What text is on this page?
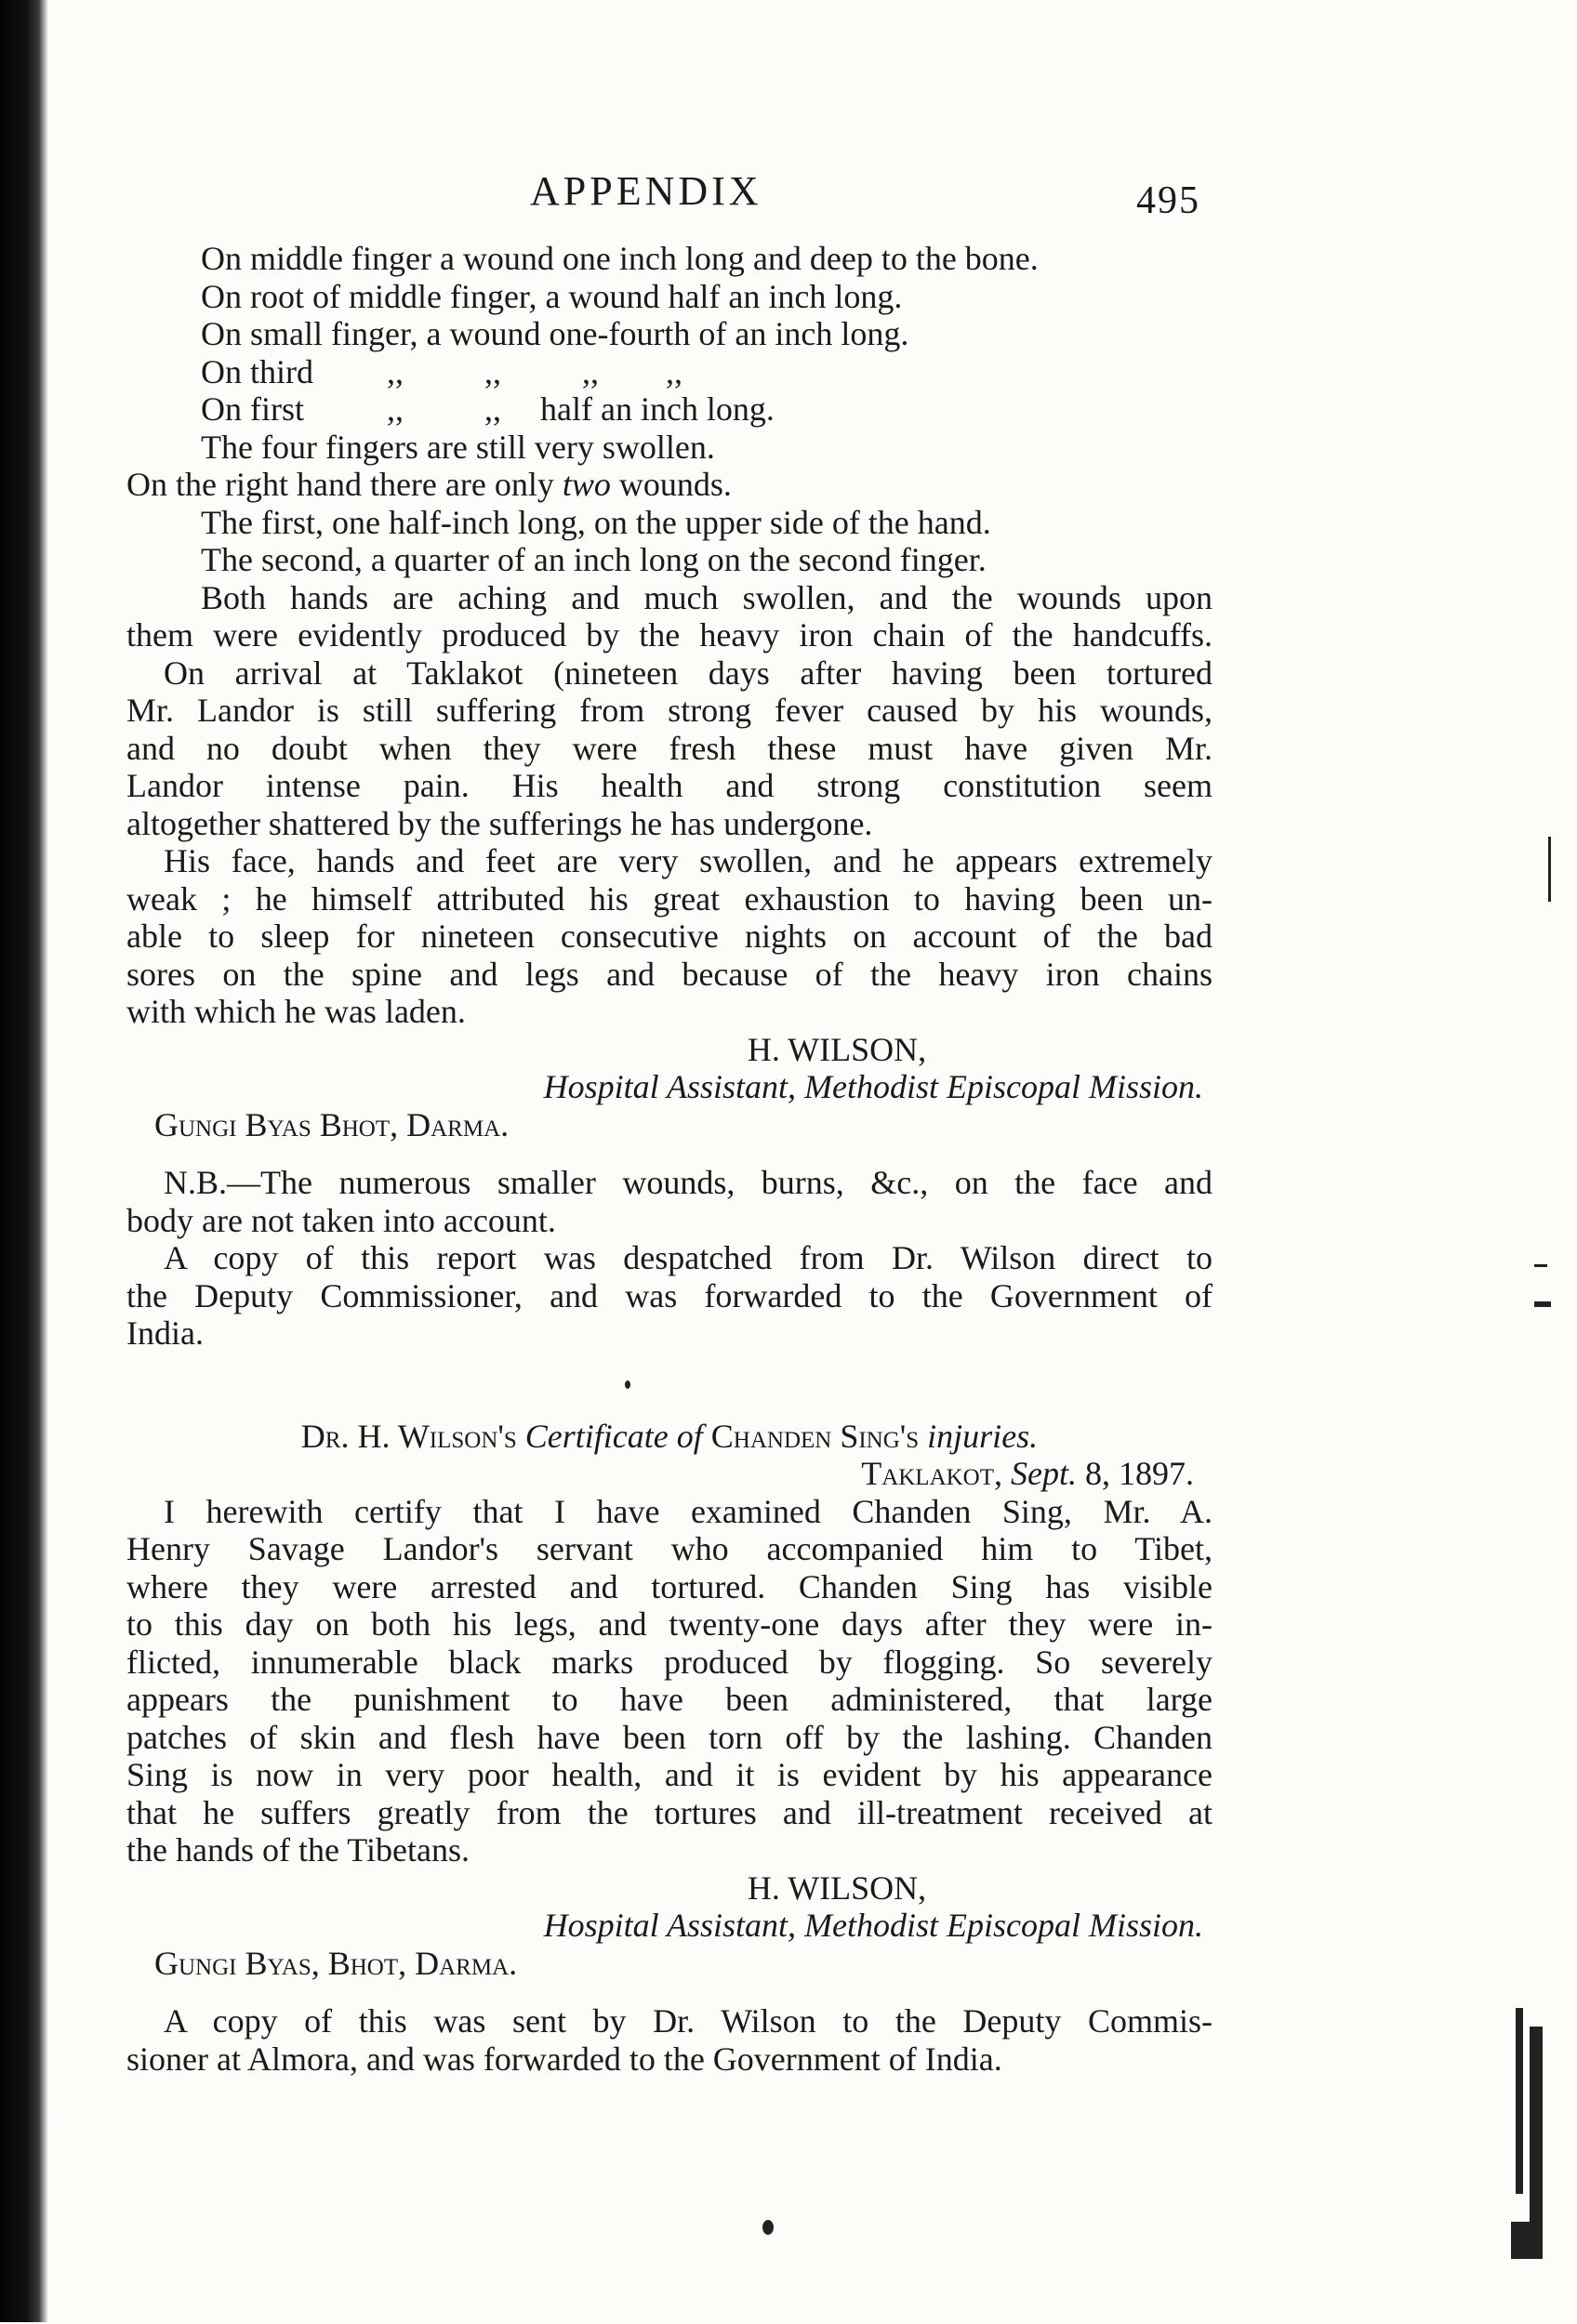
APPENDIX	495
On middle finger a wound one inch long and deep to the bone.
On root of middle finger, a wound half an inch long.
On small finger, a wound one-fourth of an inch long.
On third	,,	,,	,,	,,
On first	,,	,,	half an inch long.
The four fingers are still very swollen.
On the right hand there are only two wounds.
The first, one half-inch long, on the upper side of the hand.
The second, a quarter of an inch long on the second finger.
Both hands are aching and much swollen, and the wounds upon
them were evidently produced by the heavy iron chain of the handcuffs.
On arrival at Taklakot (nineteen days after having been tortured
Mr. Landor is still suffering from strong fever caused by his wounds,
and no doubt when they were fresh these must have given Mr.
Landor intense pain. His health and strong constitution seem
altogether shattered by the sufferings he has undergone.
His face, hands and feet are very swollen, and he appears extremely
weak ; he himself attributed his great exhaustion to having been un-
able to sleep for nineteen consecutive nights on account of the bad
sores on the spine and legs and because of the heavy iron chains
with which he was laden.
H. WILSON,
Hospital Assistant, Methodist Episcopal Mission.
Gungi Byas Bhot, Darma.
N.B.—The numerous smaller wounds, burns, &c., on the face and
body are not taken into account.
A copy of this report was despatched from Dr. Wilson direct to
the Deputy Commissioner, and was forwarded to the Government of
India.
Dr. H. Wilson's Certificate of Chanden Sing's injuries.
Taklakot, Sept. 8, 1897.
I herewith certify that I have examined Chanden Sing, Mr. A.
Henry Savage Landor's servant who accompanied him to Tibet,
where they were arrested and tortured. Chanden Sing has visible
to this day on both his legs, and twenty-one days after they were in-
flicted, innumerable black marks produced by flogging. So severely
appears the punishment to have been administered, that large
patches of skin and flesh have been torn off by the lashing. Chanden
Sing is now in very poor health, and it is evident by his appearance
that he suffers greatly from the tortures and ill-treatment received at
the hands of the Tibetans.
H. WILSON,
Hospital Assistant, Methodist Episcopal Mission.
Gungi Byas, Bhot, Darma.
A copy of this was sent by Dr. Wilson to the Deputy Commis-
sioner at Almora, and was forwarded to the Government of India.
